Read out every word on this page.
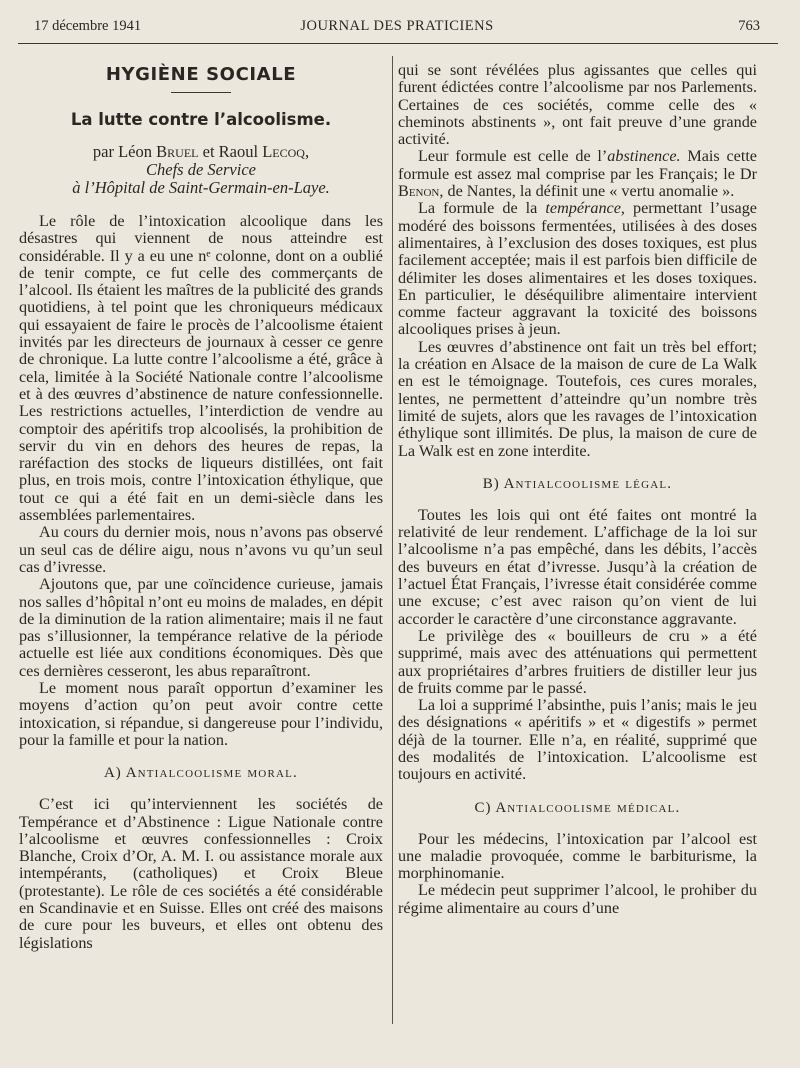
17 décembre 1941	JOURNAL DES PRATICIENS	763
HYGIÈNE SOCIALE
La lutte contre l’alcoolisme.
par Léon Bruel et Raoul Lecoq,
Chefs de Service
à l’Hôpital de Saint-Germain-en-Laye.

Le rôle de l’intoxication alcoolique dans les désastres qui viennent de nous atteindre est considérable. Il y a eu une nᵉ colonne, dont on a oublié de tenir compte, ce fut celle des commerçants de l’alcool. Ils étaient les maîtres de la publicité des grands quotidiens, à tel point que les chroniqueurs médicaux qui essayaient de faire le procès de l’alcoolisme étaient invités par les directeurs de journaux à cesser ce genre de chronique. La lutte contre l’alcoolisme a été, grâce à cela, limitée à la Société Nationale contre l’alcoolisme et à des œuvres d’abstinence de nature confessionnelle. Les restrictions actuelles, l’interdiction de vendre au comptoir des apéritifs trop alcoolisés, la prohibition de servir du vin en dehors des heures de repas, la raréfaction des stocks de liqueurs distillées, ont fait plus, en trois mois, contre l’intoxication éthylique, que tout ce qui a été fait en un demi-siècle dans les assemblées parlementaires.

Au cours du dernier mois, nous n’avons pas observé un seul cas de délire aigu, nous n’avons vu qu’un seul cas d’ivresse.

Ajoutons que, par une coïncidence curieuse, jamais nos salles d’hôpital n’ont eu moins de malades, en dépit de la diminution de la ration alimentaire; mais il ne faut pas s’illusionner, la tempérance relative de la période actuelle est liée aux conditions économiques. Dès que ces dernières cesseront, les abus reparaîtront.

Le moment nous paraît opportun d’examiner les moyens d’action qu’on peut avoir contre cette intoxication, si répandue, si dangereuse pour l’individu, pour la famille et pour la nation.

A) Antialcoolisme moral.

C’est ici qu’interviennent les sociétés de Tempérance et d’Abstinence : Ligue Nationale contre l’alcoolisme et œuvres confessionnelles : Croix Blanche, Croix d’Or, A. M. I. ou assistance morale aux intempérants, (catholiques) et Croix Bleue (protestante). Le rôle de ces sociétés a été considérable en Scandinavie et en Suisse. Elles ont créé des maisons de cure pour les buveurs, et elles ont obtenu des législations

qui se sont révélées plus agissantes que celles qui furent édictées contre l’alcoolisme par nos Parlements. Certaines de ces sociétés, comme celle des « cheminots abstinents », ont fait preuve d’une grande activité.

Leur formule est celle de l’abstinence. Mais cette formule est assez mal comprise par les Français; le Dr Benon, de Nantes, la définit une « vertu anomalie ».

La formule de la tempérance, permettant l’usage modéré des boissons fermentées, utilisées à des doses alimentaires, à l’exclusion des doses toxiques, est plus facilement acceptée; mais il est parfois bien difficile de délimiter les doses alimentaires et les doses toxiques. En particulier, le déséquilibre alimentaire intervient comme facteur aggravant la toxicité des boissons alcooliques prises à jeun.

Les œuvres d’abstinence ont fait un très bel effort; la création en Alsace de la maison de cure de La Walk en est le témoignage. Toutefois, ces cures morales, lentes, ne permettent d’atteindre qu’un nombre très limité de sujets, alors que les ravages de l’intoxication éthylique sont illimités. De plus, la maison de cure de La Walk est en zone interdite.

B) Antialcoolisme légal.

Toutes les lois qui ont été faites ont montré la relativité de leur rendement. L’affichage de la loi sur l’alcoolisme n’a pas empêché, dans les débits, l’accès des buveurs en état d’ivresse. Jusqu’à la création de l’actuel État Français, l’ivresse était considérée comme une excuse; c’est avec raison qu’on vient de lui accorder le caractère d’une circonstance aggravante.

Le privilège des « bouilleurs de cru » a été supprimé, mais avec des atténuations qui permettent aux propriétaires d’arbres fruitiers de distiller leur jus de fruits comme par le passé.

La loi a supprimé l’absinthe, puis l’anis; mais le jeu des désignations « apéritifs » et « digestifs » permet déjà de la tourner. Elle n’a, en réalité, supprimé que des modalités de l’intoxication. L’alcoolisme est toujours en activité.

C) Antialcoolisme médical.

Pour les médecins, l’intoxication par l’alcool est une maladie provoquée, comme le barbiturisme, la morphinomanie.

Le médecin peut supprimer l’alcool, le prohiber du régime alimentaire au cours d’une
